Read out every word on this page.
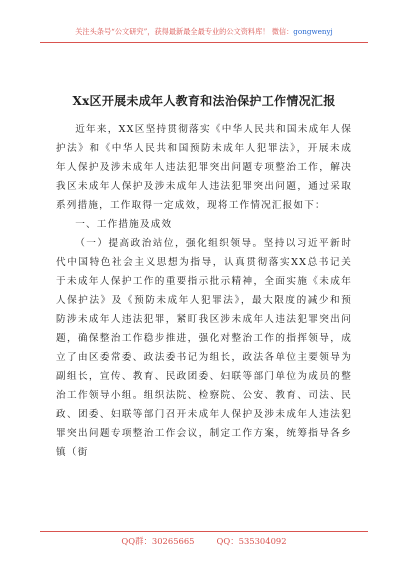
关注头条号“公文研究”，获得最新最全最专业的公文资料库！ 微信：gongwenyj
Xx区开展未成年人教育和法治保护工作情况汇报

近年来，XX区坚持贯彻落实《中华人民共和国未成年人保护法》和《中华人民共和国预防未成年人犯罪法》，开展未成年人保护及涉未成年人违法犯罪突出问题专项整治工作，解决我区未成年人保护及涉未成年人违法犯罪突出问题，通过采取系列措施，工作取得一定成效，现将工作情况汇报如下：

一、工作措施及成效

（一）提高政治站位，强化组织领导。坚持以习近平新时代中国特色社会主义思想为指导，认真贯彻落实XX总书记关于未成年人保护工作的重要指示批示精神，全面实施《未成年人保护法》及《预防未成年人犯罪法》，最大限度的减少和预防涉未成年人违法犯罪，紧盯我区涉未成年人违法犯罪突出问题，确保整治工作稳步推进，强化对整治工作的指挥领导，成立了由区委常委、政法委书记为组长，政法各单位主要领导为副组长，宣传、教育、民政团委、妇联等部门单位为成员的整治工作领导小组。组织法院、检察院、公安、教育、司法、民政、团委、妇联等部门召开未成年人保护及涉未成年人违法犯罪突出问题专项整治工作会议，制定工作方案，统筹指导各乡镇（街

QQ群：30265665	QQ：535304092
